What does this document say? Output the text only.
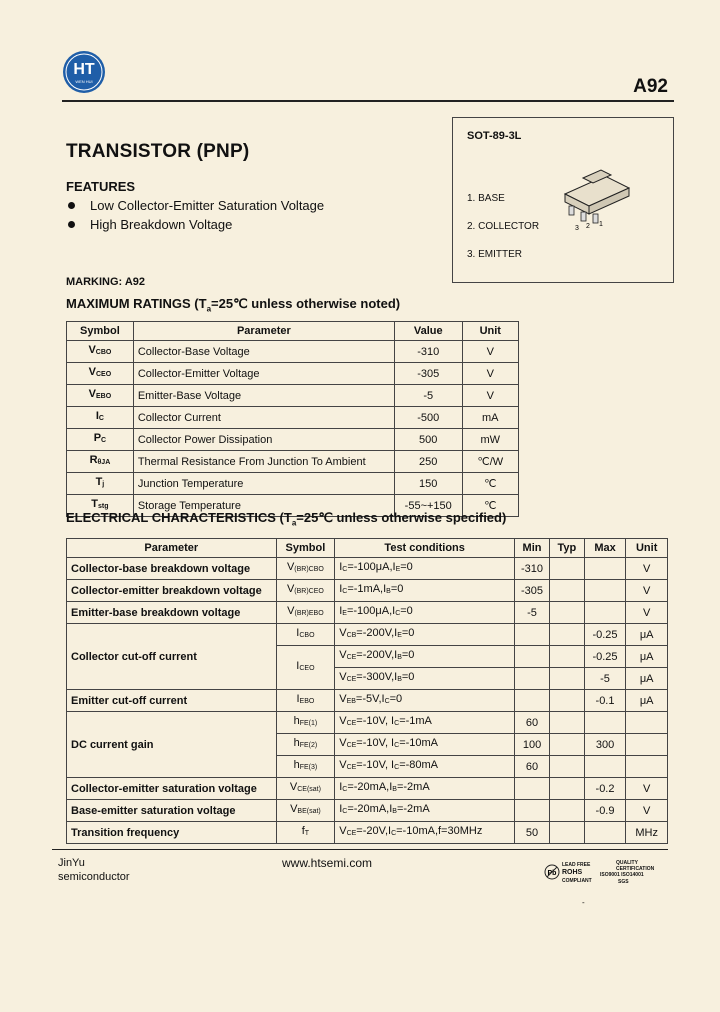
HT
WEN HUI	A92
TRANSISTOR (PNP)
FEATURES
Low Collector-Emitter Saturation Voltage
High Breakdown Voltage
SOT-89-3L
3 2 1
1. BASE
2. COLLECTOR
3. EMITTER
MARKING: A92
MAXIMUM RATINGS ($T_a=25℃$ unless otherwise noted)
Symbol	Parameter	Value	Unit
$V_{CBO}$	Collector-Base Voltage	-310	V
$V_{CEO}$	Collector-Emitter Voltage	-305	V
$V_{EBO}$	Emitter-Base Voltage	-5	V
$I_C$	Collector Current	-500	mA
$P_C$	Collector Power Dissipation	500	mW
$R_{\theta JA}$	Thermal Resistance From Junction To Ambient	250	℃/W
$T_j$	Junction Temperature	150	℃
$T_{stg}$	Storage Temperature	-55~+150	℃
ELECTRICAL CHARACTERISTICS ($T_a=25℃$ unless otherwise specified)
Parameter	Symbol	Test conditions	Min	Typ	Max	Unit
Collector-base breakdown voltage	$V_{(BR)CBO}$	$I_C=-100\mu A,I_E=0$	-310			V
Collector-emitter breakdown voltage	$V_{(BR)CEO}$	$I_C=-1mA,I_B=0$	-305			V
Emitter-base breakdown voltage	$V_{(BR)EBO}$	$I_E=-100\mu A,I_C=0$	-5			V
Collector cut-off current	$I_{CBO}$	$V_{CB}=-200V,I_E=0$			-0.25	μA
	$I_{CEO}$	$V_{CE}=-200V,I_B=0$			-0.25	μA
		$V_{CE}=-300V,I_B=0$			-5	μA
Emitter cut-off current	$I_{EBO}$	$V_{EB}=-5V,I_C=0$			-0.1	μA
DC current gain	$h_{FE(1)}$	$V_{CE}=-10V$, $I_C=-1mA$	60			
	$h_{FE(2)}$	$V_{CE}=-10V$, $I_C=-10mA$	100		300	
	$h_{FE(3)}$	$V_{CE}=-10V$, $I_C=-80mA$	60			
Collector-emitter saturation voltage	$V_{CE(sat)}$	$I_C=-20mA,I_B=-2mA$			-0.2	V
Base-emitter saturation voltage	$V_{BE(sat)}$	$I_C=-20mA,I_B=-2mA$			-0.9	V
Transition frequency	$f_T$	$V_{CE}=-20V,I_C=-10mA,f=30MHz$	50			MHz
JinYu
semiconductor
www.htsemi.com
Pb
LEAD FREE
ROHS
COMPLIANT
QUALITY
CERTIFICATION
ISO9001 ISO14001
SGS
-
